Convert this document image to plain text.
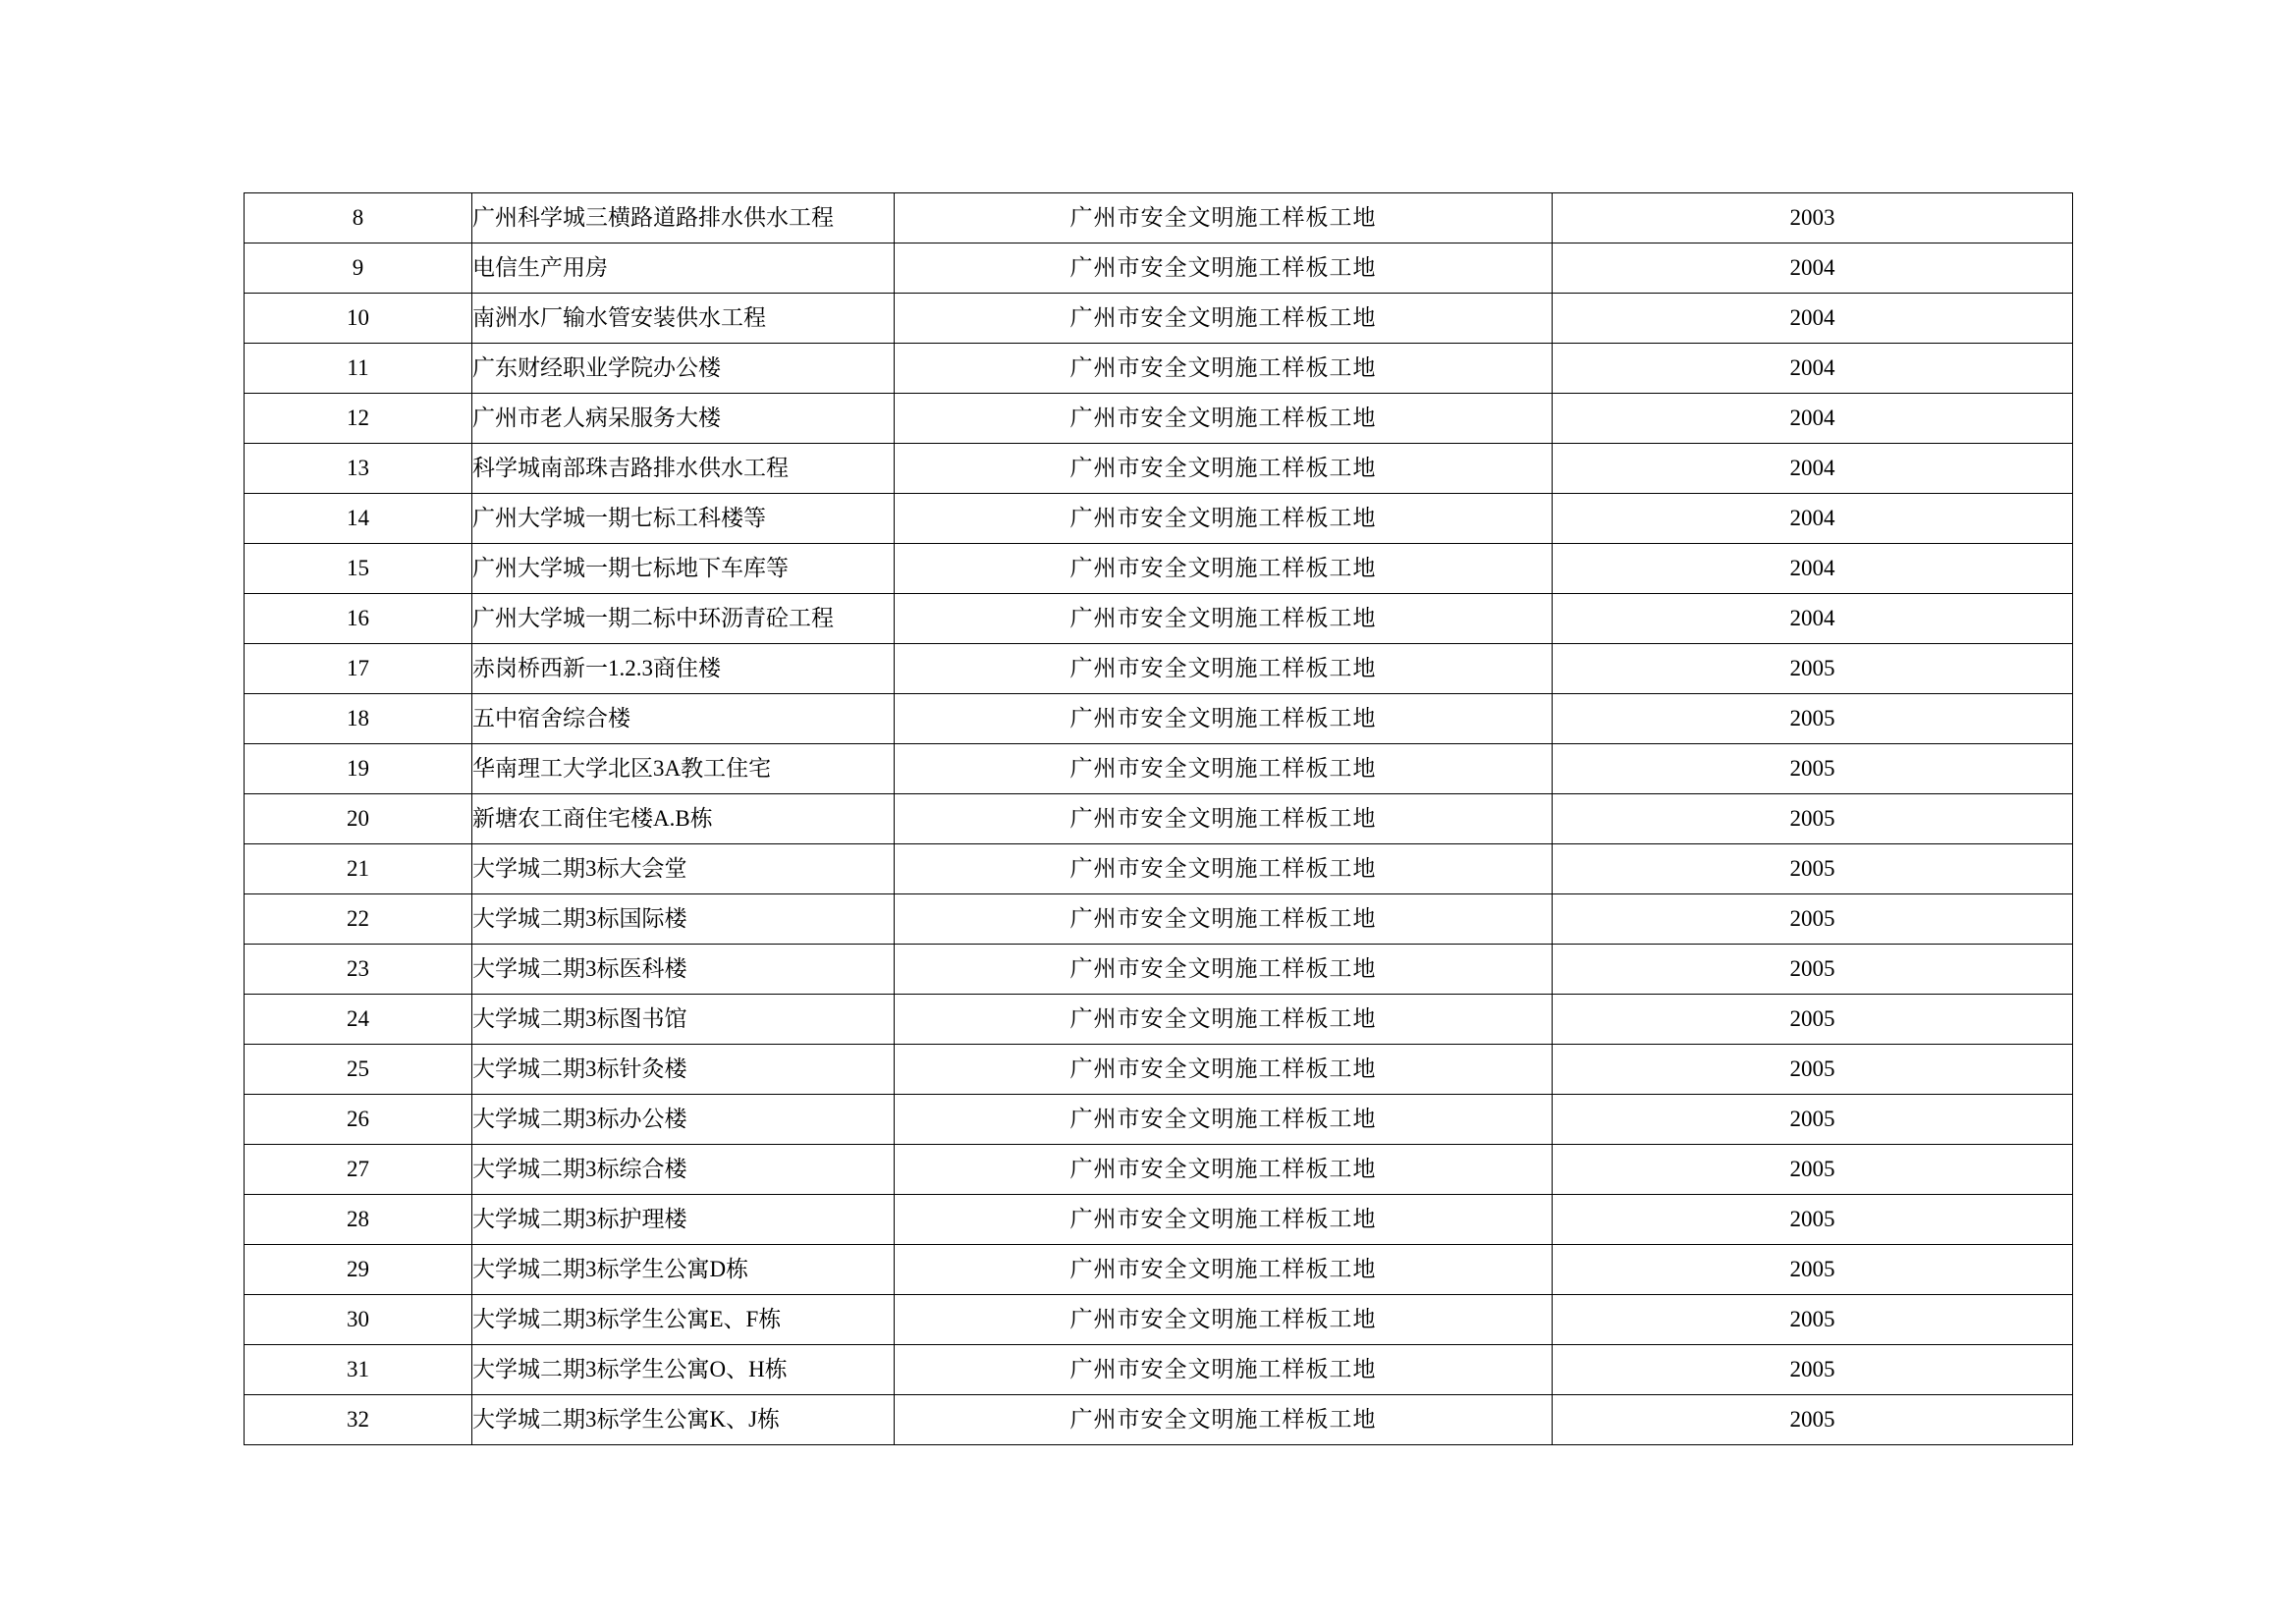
8	广州科学城三横路道路排水供水工程	广州市安全文明施工样板工地	2003
9	电信生产用房	广州市安全文明施工样板工地	2004
10	南洲水厂输水管安装供水工程	广州市安全文明施工样板工地	2004
11	广东财经职业学院办公楼	广州市安全文明施工样板工地	2004
12	广州市老人病呆服务大楼	广州市安全文明施工样板工地	2004
13	科学城南部珠吉路排水供水工程	广州市安全文明施工样板工地	2004
14	广州大学城一期七标工科楼等	广州市安全文明施工样板工地	2004
15	广州大学城一期七标地下车库等	广州市安全文明施工样板工地	2004
16	广州大学城一期二标中环沥青砼工程	广州市安全文明施工样板工地	2004
17	赤岗桥西新一1.2.3商住楼	广州市安全文明施工样板工地	2005
18	五中宿舍综合楼	广州市安全文明施工样板工地	2005
19	华南理工大学北区3A教工住宅	广州市安全文明施工样板工地	2005
20	新塘农工商住宅楼A.B栋	广州市安全文明施工样板工地	2005
21	大学城二期3标大会堂	广州市安全文明施工样板工地	2005
22	大学城二期3标国际楼	广州市安全文明施工样板工地	2005
23	大学城二期3标医科楼	广州市安全文明施工样板工地	2005
24	大学城二期3标图书馆	广州市安全文明施工样板工地	2005
25	大学城二期3标针灸楼	广州市安全文明施工样板工地	2005
26	大学城二期3标办公楼	广州市安全文明施工样板工地	2005
27	大学城二期3标综合楼	广州市安全文明施工样板工地	2005
28	大学城二期3标护理楼	广州市安全文明施工样板工地	2005
29	大学城二期3标学生公寓D栋	广州市安全文明施工样板工地	2005
30	大学城二期3标学生公寓E、F栋	广州市安全文明施工样板工地	2005
31	大学城二期3标学生公寓O、H栋	广州市安全文明施工样板工地	2005
32	大学城二期3标学生公寓K、J栋	广州市安全文明施工样板工地	2005
